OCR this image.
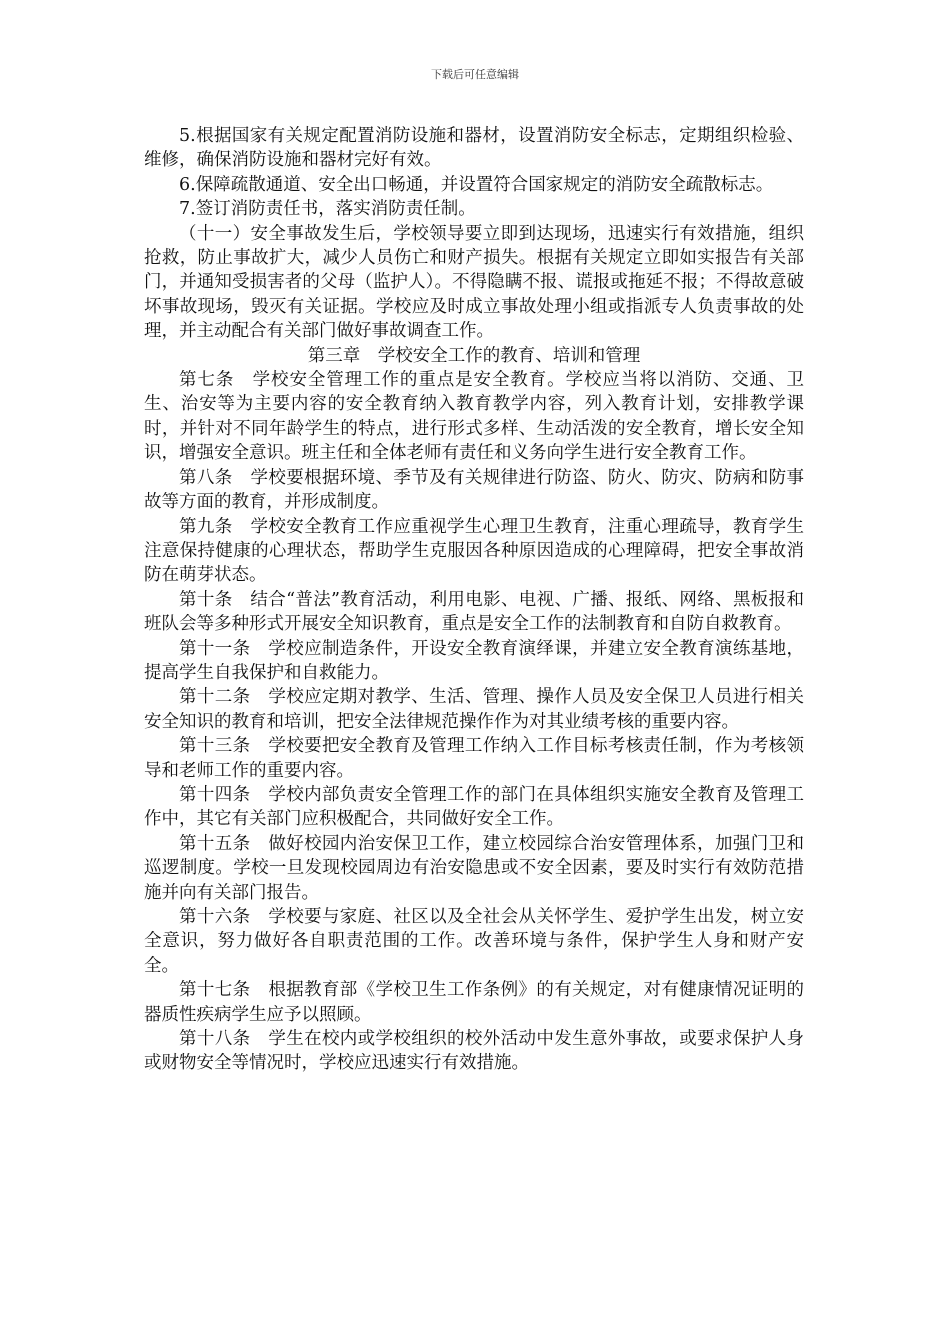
下载后可任意编辑

5.根据国家有关规定配置消防设施和器材，设置消防安全标志，定期组织检验、维修，确保消防设施和器材完好有效。

6.保障疏散通道、安全出口畅通，并设置符合国家规定的消防安全疏散标志。

7.签订消防责任书，落实消防责任制。

（十一）安全事故发生后，学校领导要立即到达现场，迅速实行有效措施，组织抢救，防止事故扩大，减少人员伤亡和财产损失。根据有关规定立即如实报告有关部门，并通知受损害者的父母（监护人）。不得隐瞒不报、谎报或拖延不报；不得故意破坏事故现场，毁灭有关证据。学校应及时成立事故处理小组或指派专人负责事故的处理，并主动配合有关部门做好事故调查工作。

第三章　学校安全工作的教育、培训和管理

第七条　学校安全管理工作的重点是安全教育。学校应当将以消防、交通、卫生、治安等为主要内容的安全教育纳入教育教学内容，列入教育计划，安排教学课时，并针对不同年龄学生的特点，进行形式多样、生动活泼的安全教育，增长安全知识，增强安全意识。班主任和全体老师有责任和义务向学生进行安全教育工作。

第八条　学校要根据环境、季节及有关规律进行防盗、防火、防灾、防病和防事故等方面的教育，并形成制度。

第九条　学校安全教育工作应重视学生心理卫生教育，注重心理疏导，教育学生注意保持健康的心理状态，帮助学生克服因各种原因造成的心理障碍，把安全事故消防在萌芽状态。

第十条　结合“普法”教育活动，利用电影、电视、广播、报纸、网络、黑板报和班队会等多种形式开展安全知识教育，重点是安全工作的法制教育和自防自救教育。

第十一条　学校应制造条件，开设安全教育演绎课，并建立安全教育演练基地，提高学生自我保护和自救能力。

第十二条　学校应定期对教学、生活、管理、操作人员及安全保卫人员进行相关安全知识的教育和培训，把安全法律规范操作作为对其业绩考核的重要内容。

第十三条　学校要把安全教育及管理工作纳入工作目标考核责任制，作为考核领导和老师工作的重要内容。

第十四条　学校内部负责安全管理工作的部门在具体组织实施安全教育及管理工作中，其它有关部门应积极配合，共同做好安全工作。

第十五条　做好校园内治安保卫工作，建立校园综合治安管理体系，加强门卫和巡逻制度。学校一旦发现校园周边有治安隐患或不安全因素，要及时实行有效防范措施并向有关部门报告。

第十六条　学校要与家庭、社区以及全社会从关怀学生、爱护学生出发，树立安全意识，努力做好各自职责范围的工作。改善环境与条件，保护学生人身和财产安全。

第十七条　根据教育部《学校卫生工作条例》的有关规定，对有健康情况证明的器质性疾病学生应予以照顾。

第十八条　学生在校内或学校组织的校外活动中发生意外事故，或要求保护人身或财物安全等情况时，学校应迅速实行有效措施。
